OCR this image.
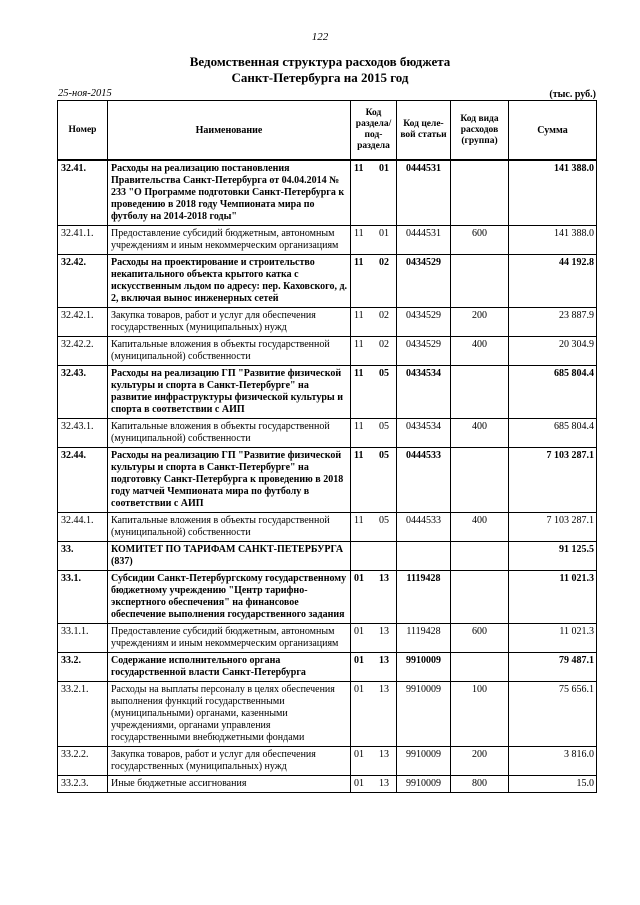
122
Ведомственная структура расходов бюджета
Санкт-Петербурга на 2015 год
25-ноя-2015	(тыс. руб.)
Номер	Наименование	Код раздела/ под- раздела	Код целе- вой статьи	Код вида расходов (группа)	Сумма
32.41.	Расходы на реализацию постановления Правительства Санкт-Петербурга от 04.04.2014 № 233 "О Программе подготовки Санкт-Петербурга к проведению в 2018 году Чемпионата мира по футболу на 2014-2018 годы"	11 01	0444531		141 388.0
32.41.1.	Предоставление субсидий бюджетным, автономным учреждениям и иным некоммерческим организациям	11 01	0444531	600	141 388.0
32.42.	Расходы на проектирование и строительство некапитального объекта крытого катка с искусственным льдом по адресу: пер. Каховского, д. 2, включая вынос инженерных сетей	11 02	0434529		44 192.8
32.42.1.	Закупка товаров, работ и услуг для обеспечения государственных (муниципальных) нужд	11 02	0434529	200	23 887.9
32.42.2.	Капитальные вложения в объекты государственной (муниципальной) собственности	11 02	0434529	400	20 304.9
32.43.	Расходы на реализацию ГП "Развитие физической культуры и спорта в Санкт-Петербурге" на развитие инфраструктуры физической культуры и спорта в соответствии с АИП	11 05	0434534		685 804.4
32.43.1.	Капитальные вложения в объекты государственной (муниципальной) собственности	11 05	0434534	400	685 804.4
32.44.	Расходы на реализацию ГП "Развитие физической культуры и спорта в Санкт-Петербурге" на подготовку Санкт-Петербурга к проведению в 2018 году матчей Чемпионата мира по футболу в соответствии с АИП	11 05	0444533		7 103 287.1
32.44.1.	Капитальные вложения в объекты государственной (муниципальной) собственности	11 05	0444533	400	7 103 287.1
33.	КОМИТЕТ ПО ТАРИФАМ САНКТ-ПЕТЕРБУРГА (837)				91 125.5
33.1.	Субсидии Санкт-Петербургскому государственному бюджетному учреждению "Центр тарифно-экспертного обеспечения" на финансовое обеспечение выполнения государственного задания	01 13	1119428		11 021.3
33.1.1.	Предоставление субсидий бюджетным, автономным учреждениям и иным некоммерческим организациям	01 13	1119428	600	11 021.3
33.2.	Содержание исполнительного органа государственной власти Санкт-Петербурга	01 13	9910009		79 487.1
33.2.1.	Расходы на выплаты персоналу в целях обеспечения выполнения функций государственными (муниципальными) органами, казенными учреждениями, органами управления государственными внебюджетными фондами	01 13	9910009	100	75 656.1
33.2.2.	Закупка товаров, работ и услуг для обеспечения государственных (муниципальных) нужд	01 13	9910009	200	3 816.0
33.2.3.	Иные бюджетные ассигнования	01 13	9910009	800	15.0
